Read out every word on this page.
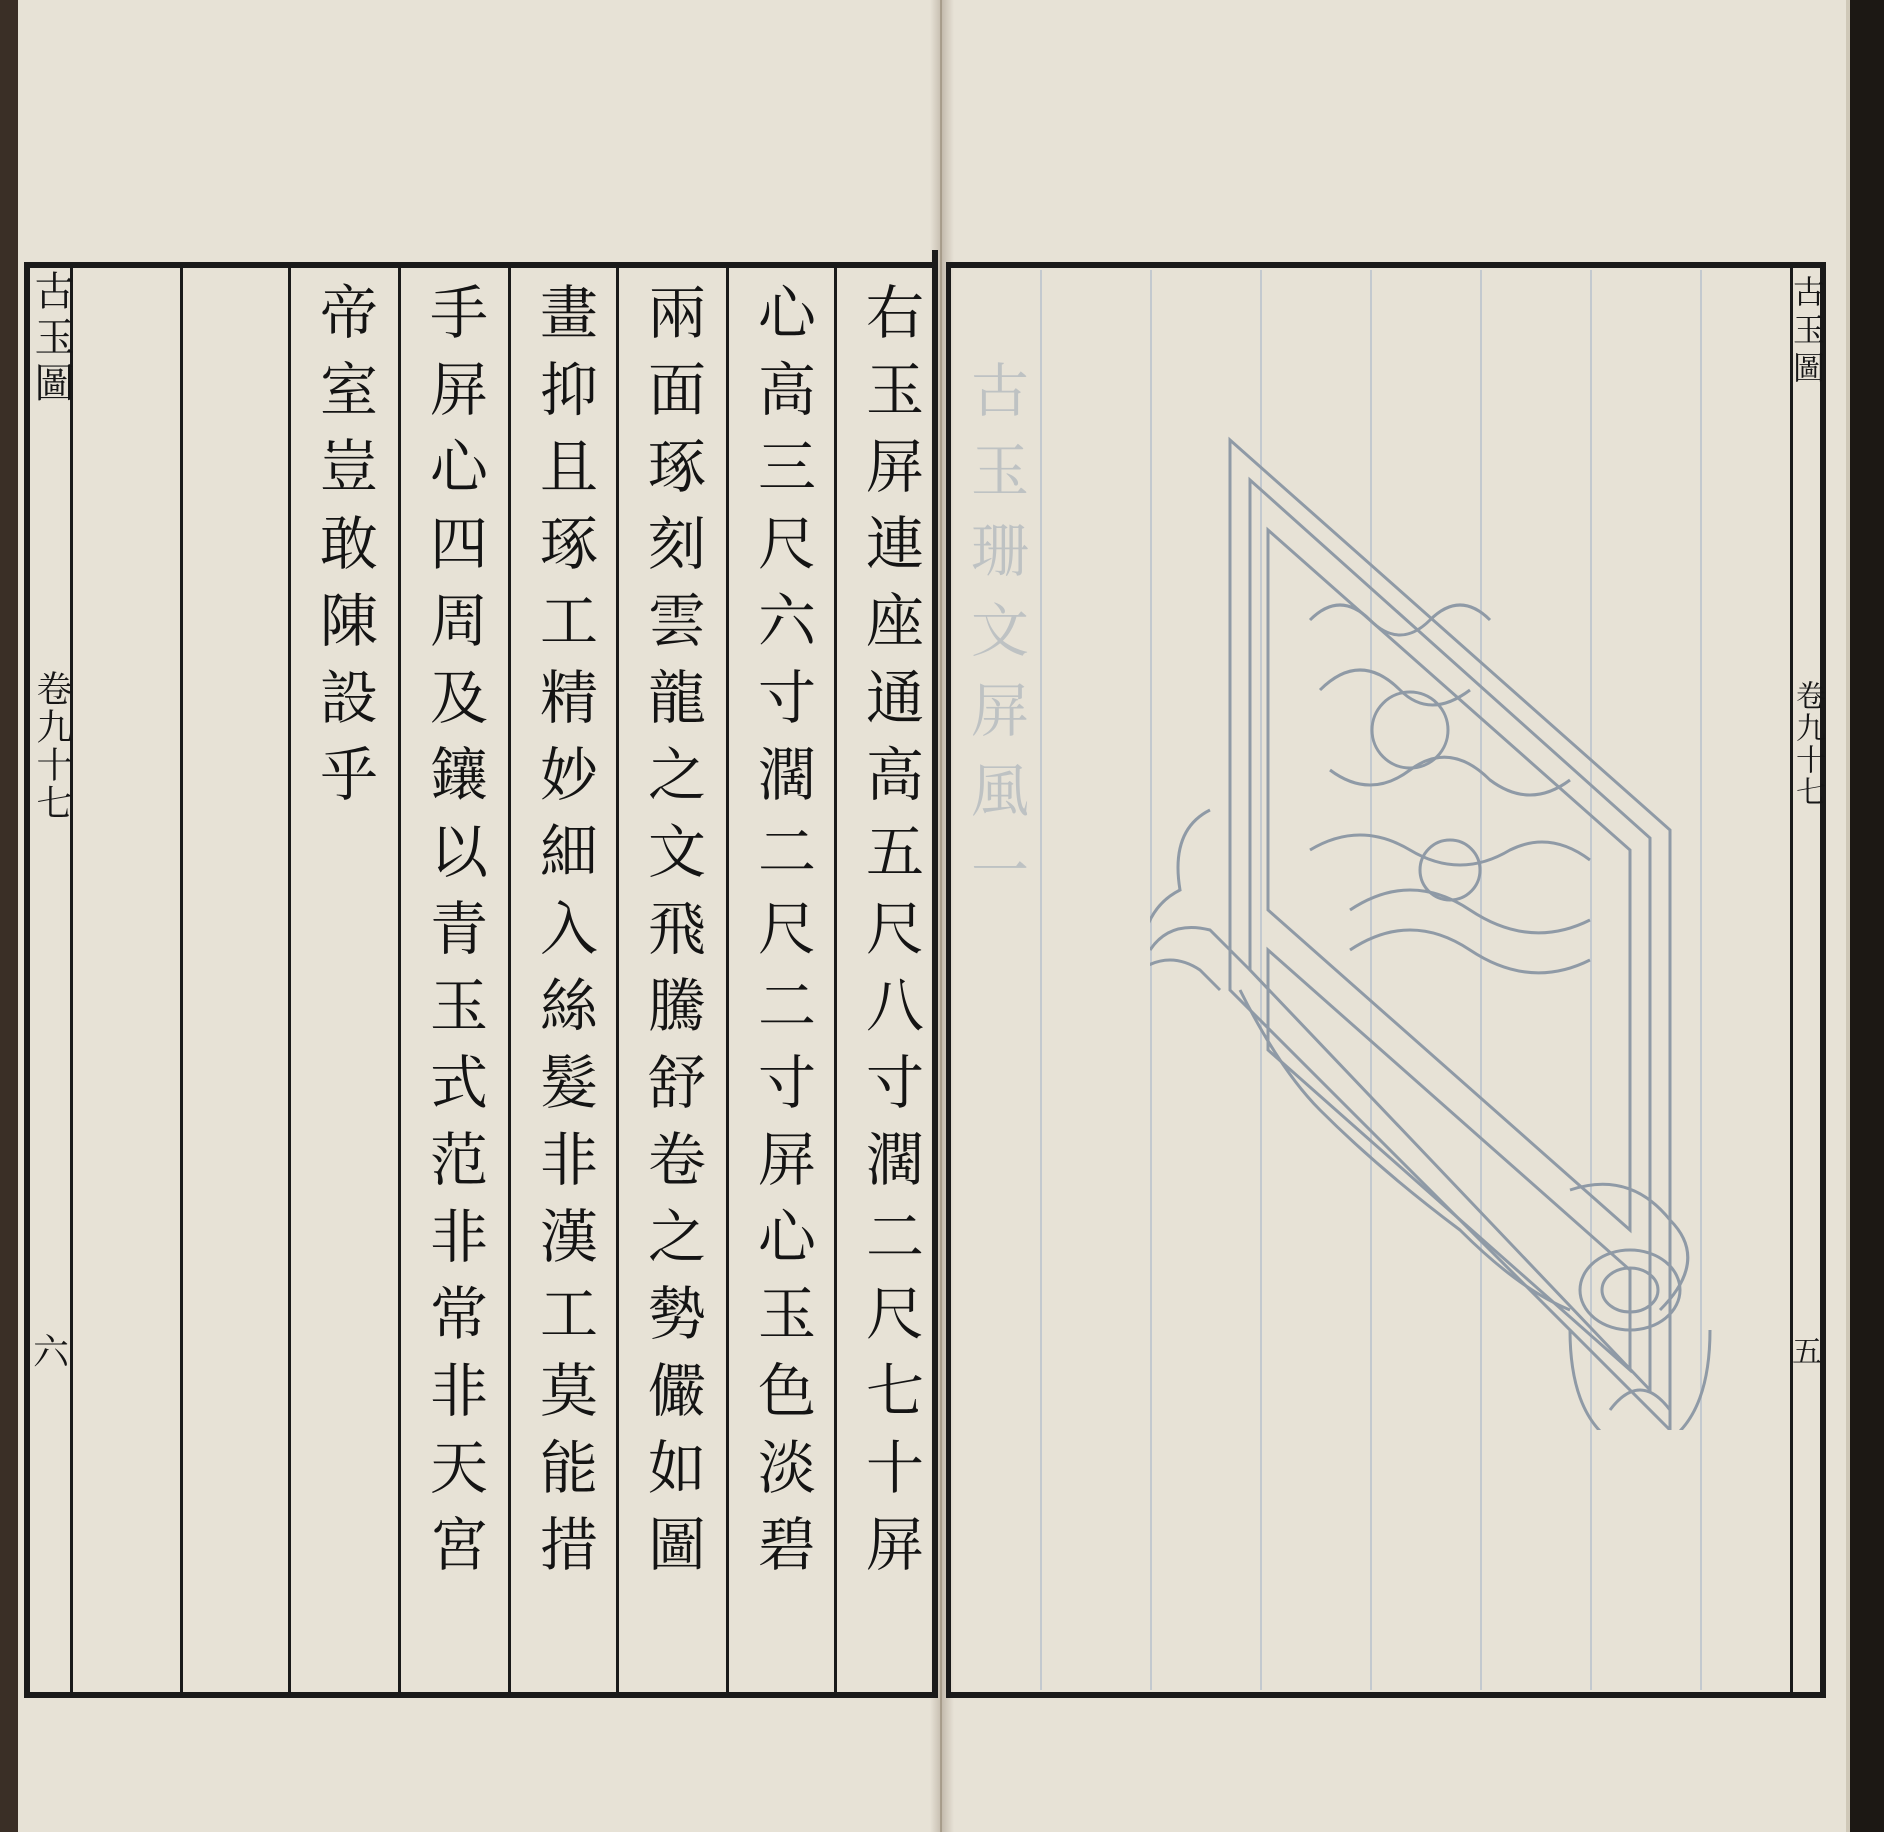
古玉圖
卷九十七
六	右玉屏連座通高五尺八寸濶二尺七十屏
心高三尺六寸濶二尺二寸屏心玉色淡碧
兩面琢刻雲龍之文飛騰舒卷之勢儼如圖
畫抑且琢工精妙細入絲髮非漢工莫能措
手屏心四周及鑲以青玉式范非常非天宮
帝室豈敢陳設乎	古玉珊文屏風一
古玉圖
卷九十七
五
